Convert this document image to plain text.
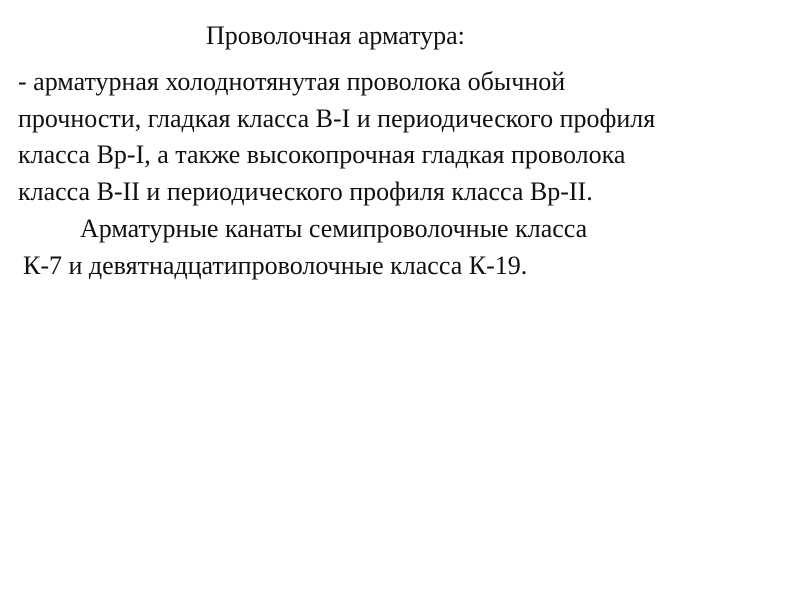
Проволочная арматура:
- арматурная холоднотянутая проволока обычной
прочности, гладкая класса В-I и периодического профиля
класса Вр-I, а также высокопрочная гладкая проволока
класса В-II и периодического профиля класса Вр-II.
Арматурные канаты семипроволочные класса
К-7 и девятнадцатипроволочные класса К-19.
